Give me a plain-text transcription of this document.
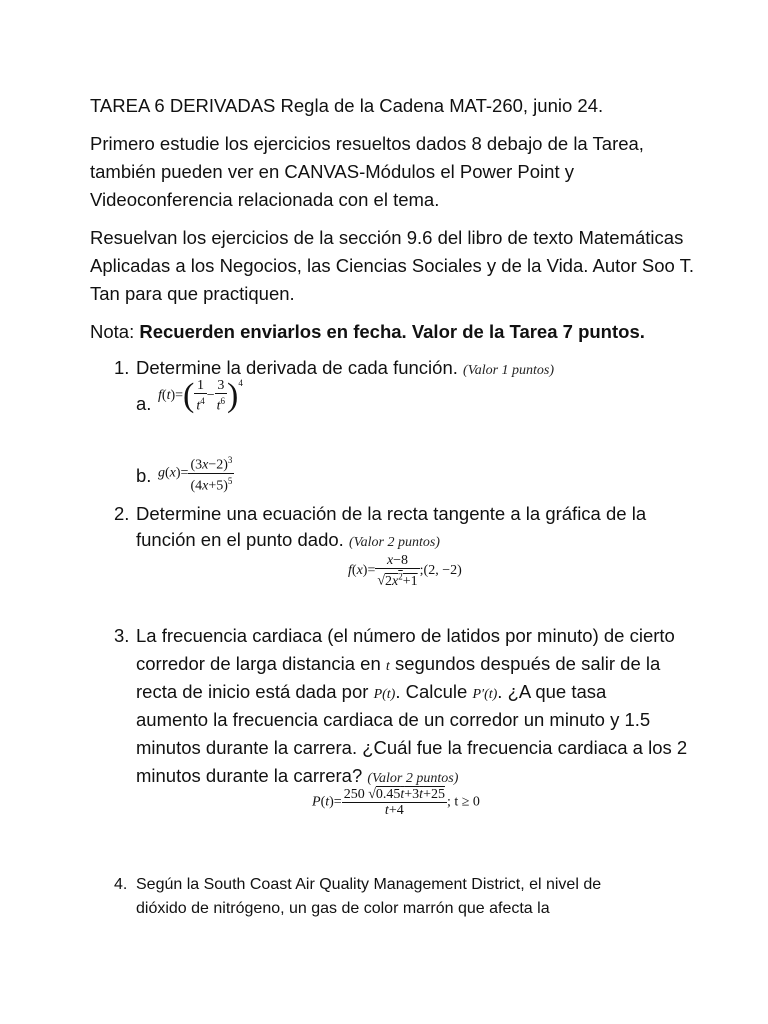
TAREA 6 DERIVADAS Regla de la Cadena MAT-260, junio 24.
Primero estudie los ejercicios resueltos dados 8 debajo de la Tarea,
también pueden ver en CANVAS-Módulos el Power Point y
Videoconferencia relacionada con el tema.
Resuelvan los ejercicios de la sección 9.6 del libro de texto Matemáticas
Aplicadas a los Negocios, las Ciencias Sociales y de la Vida. Autor Soo T.
Tan para que practiquen.
Nota: Recuerden enviarlos en fecha. Valor de la Tarea 7 puntos.
1. Determine la derivada de cada función. (Valor 1 puntos)
a. $f(t)=( \frac{1}{t^4} - \frac{3}{t^6} )^4$
b. $g(x)= \frac{(3x-2)^3}{(4x+5)^5}$
2. Determine una ecuación de la recta tangente a la gráfica de la
función en el punto dado. (Valor 2 puntos)
$f(x)= \frac{x-8}{√2x^2+1}$ ;(2, −2)
3. La frecuencia cardiaca (el número de latidos por minuto) de cierto
corredor de larga distancia en t segundos después de salir de la
recta de inicio está dada por P(t). Calcule P′(t). ¿A que tasa
aumento la frecuencia cardiaca de un corredor un minuto y 1.5
minutos durante la carrera. ¿Cuál fue la frecuencia cardiaca a los 2
minutos durante la carrera? (Valor 2 puntos)
$P(t)= \frac{250 √0.45t+3t+25}{t+4}$ ; t ≥ 0
4. Según la South Coast Air Quality Management District, el nivel de
dióxido de nitrógeno, un gas de color marrón que afecta la
